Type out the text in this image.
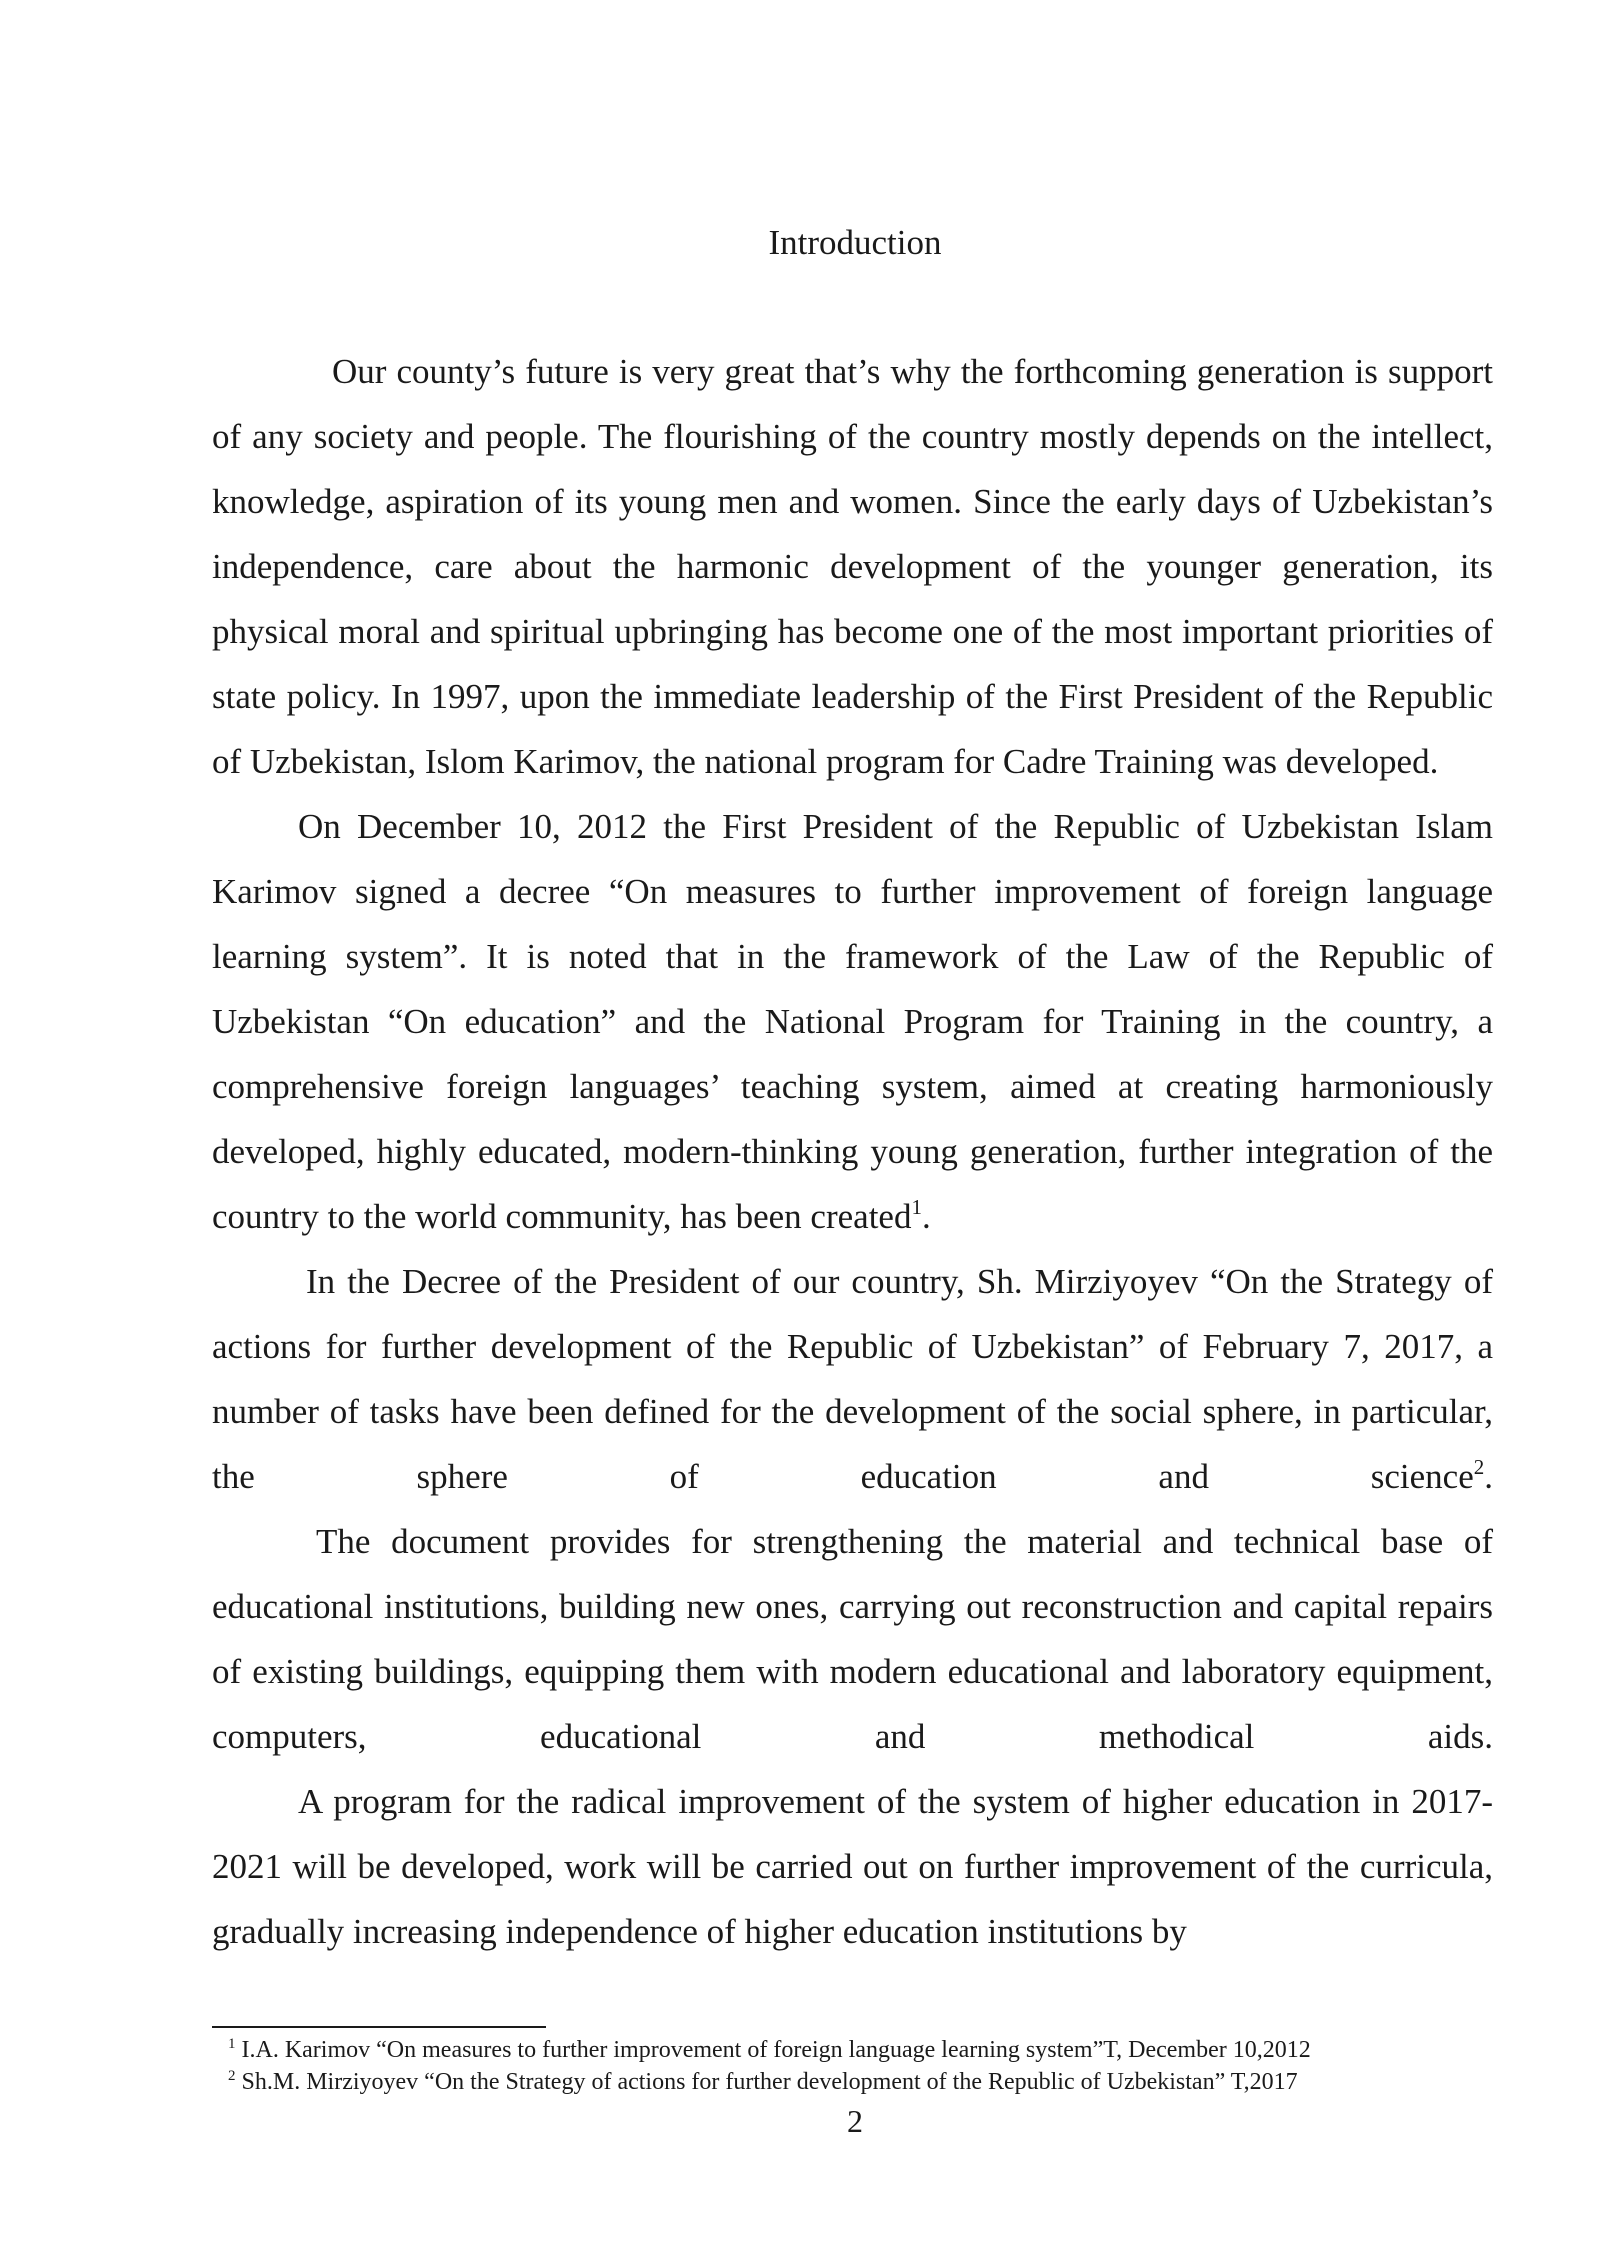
Introduction

Our county’s future is very great that’s why the forthcoming generation is support of any society and people. The flourishing of the country mostly depends on the intellect, knowledge, aspiration of its young men and women. Since the early days of Uzbekistan’s independence, care about the harmonic development of the younger generation, its physical moral and spiritual upbringing has become one of the most important priorities of state policy. In 1997, upon the immediate leadership of the First President of the Republic of Uzbekistan, Islom Karimov, the national program for Cadre Training was developed.

On December 10, 2012 the First President of the Republic of Uzbekistan Islam Karimov signed a decree “On measures to further improvement of foreign language learning system”. It is noted that in the framework of the Law of the Republic of Uzbekistan “On education” and the National Program for Training in the country, a comprehensive foreign languages’ teaching system, aimed at creating harmoniously developed, highly educated, modern-thinking young generation, further integration of the country to the world community, has been created$^1$.

In the Decree of the President of our country, Sh. Mirziyoyev “On the Strategy of actions for further development of the Republic of Uzbekistan” of February 7, 2017, a number of tasks have been defined for the development of the social sphere, in particular, the sphere of education and science$^2$.

The document provides for strengthening the material and technical base of educational institutions, building new ones, carrying out reconstruction and capital repairs of existing buildings, equipping them with modern educational and laboratory equipment, computers, educational and methodical aids.

A program for the radical improvement of the system of higher education in 2017-2021 will be developed, work will be carried out on further improvement of the curricula, gradually increasing independence of higher education institutions by

$^1$ I.A. Karimov “On measures to further improvement of foreign language learning system”T, December 10,2012
$^2$ Sh.M. Mirziyoyev “On the Strategy of actions for further development of the Republic of Uzbekistan” T,2017
2
